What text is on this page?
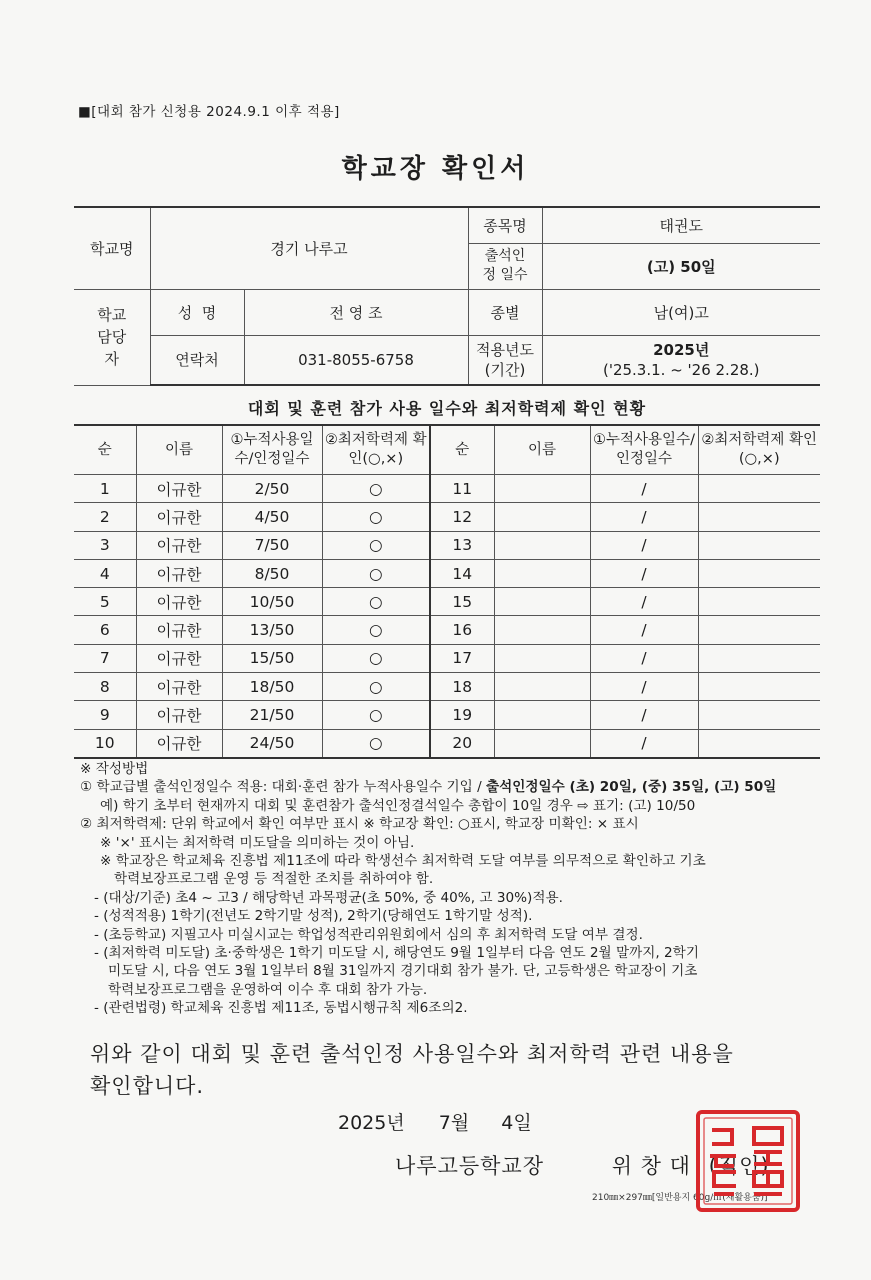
■[대회 참가 신청용 2024.9.1 이후 적용]
학교장 확인서
학교명	경기 나루고		종목명	태권도
			출석인정 일수	(고) 50일
학교 담당자	성  명	전 영 조	종별	남(여)고
	연락처	031-8055-6758	적용년도 (기간)	2025년
('25.3.1. ~ '26 2.28.)
대회 및 훈련 참가 사용 일수와 최저학력제 확인 현황
순	이름	①누적사용일수/인정일수	②최저학력제 확인(○,×)	순	이름	①누적사용일수/인정일수	②최저학력제 확인(○,×)
1	이규한	2/50	○	11		/	
2	이규한	4/50	○	12		/	
3	이규한	7/50	○	13		/	
4	이규한	8/50	○	14		/	
5	이규한	10/50	○	15		/	
6	이규한	13/50	○	16		/	
7	이규한	15/50	○	17		/	
8	이규한	18/50	○	18		/	
9	이규한	21/50	○	19		/	
10	이규한	24/50	○	20		/	
※ 작성방법
① 학교급별 출석인정일수 적용: 대회·훈련 참가 누적사용일수 기입 / 출석인정일수 (초) 20일, (중) 35일, (고) 50일
예) 학기 초부터 현재까지 대회 및 훈련참가 출석인정결석일수 총합이 10일 경우 ⇨ 표기: (고) 10/50
② 최저학력제: 단위 학교에서 확인 여부만 표시 ※ 학교장 확인: ○표시, 학교장 미확인: × 표시
※ '×' 표시는 최저학력 미도달을 의미하는 것이 아님.
※ 학교장은 학교체육 진흥법 제11조에 따라 학생선수 최저학력 도달 여부를 의무적으로 확인하고 기초
학력보장프로그램 운영 등 적절한 조치를 취하여야 함.
- (대상/기준) 초4 ~ 고3 / 해당학년 과목평균(초 50%, 중 40%, 고 30%)적용.
- (성적적용) 1학기(전년도 2학기말 성적), 2학기(당해연도 1학기말 성적).
- (초등학교) 지필고사 미실시교는 학업성적관리위원회에서 심의 후 최저학력 도달 여부 결정.
- (최저학력 미도달) 초·중학생은 1학기 미도달 시, 해당연도 9월 1일부터 다음 연도 2월 말까지, 2학기
미도달 시, 다음 연도 3월 1일부터 8월 31일까지 경기대회 참가 불가. 단, 고등학생은 학교장이 기초
학력보장프로그램을 운영하여 이수 후 대회 참가 가능.
- (관련법령) 학교체육 진흥법 제11조, 동법시행규칙 제6조의2.
위와 같이 대회 및 훈련 출석인정 사용일수와 최저학력 관련 내용을
확인합니다.
2025년 7월 4일
나루고등학교장	위 창 대 (직인)
210㎜×297㎜[일반용지 60g/㎡(재활용품)]
